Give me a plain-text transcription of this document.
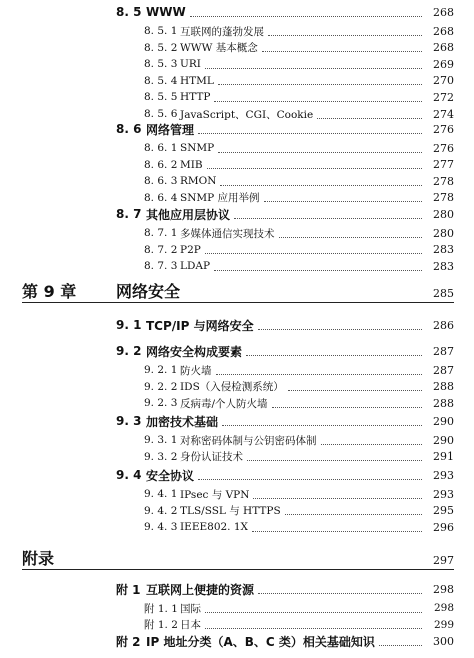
8. 5 WWW	268
8. 5. 1 互联网的蓬勃发展	268
8. 5. 2 WWW 基本概念	268
8. 5. 3 URI	269
8. 5. 4 HTML	270
8. 5. 5 HTTP	272
8. 5. 6 JavaScript、CGI、Cookie	274
8. 6 网络管理	276
8. 6. 1 SNMP	276
8. 6. 2 MIB	277
8. 6. 3 RMON	278
8. 6. 4 SNMP 应用举例	278
8. 7 其他应用层协议	280
8. 7. 1 多媒体通信实现技术	280
8. 7. 2 P2P	283
8. 7. 3 LDAP	283
第 9 章	网络安全	285
9. 1 TCP/IP 与网络安全	286
9. 2 网络安全构成要素	287
9. 2. 1 防火墙	287
9. 2. 2 IDS（入侵检测系统）	288
9. 2. 3 反病毒/个人防火墙	288
9. 3 加密技术基础	290
9. 3. 1 对称密码体制与公钥密码体制	290
9. 3. 2 身份认证技术	291
9. 4 安全协议	293
9. 4. 1 IPsec 与 VPN	293
9. 4. 2 TLS/SSL 与 HTTPS	295
9. 4. 3 IEEE802. 1X	296
附录	297
附 1 互联网上便捷的资源	298
附 1. 1 国际	298
附 1. 2 日本	299
附 2 IP 地址分类（A、B、C 类）相关基础知识	300
